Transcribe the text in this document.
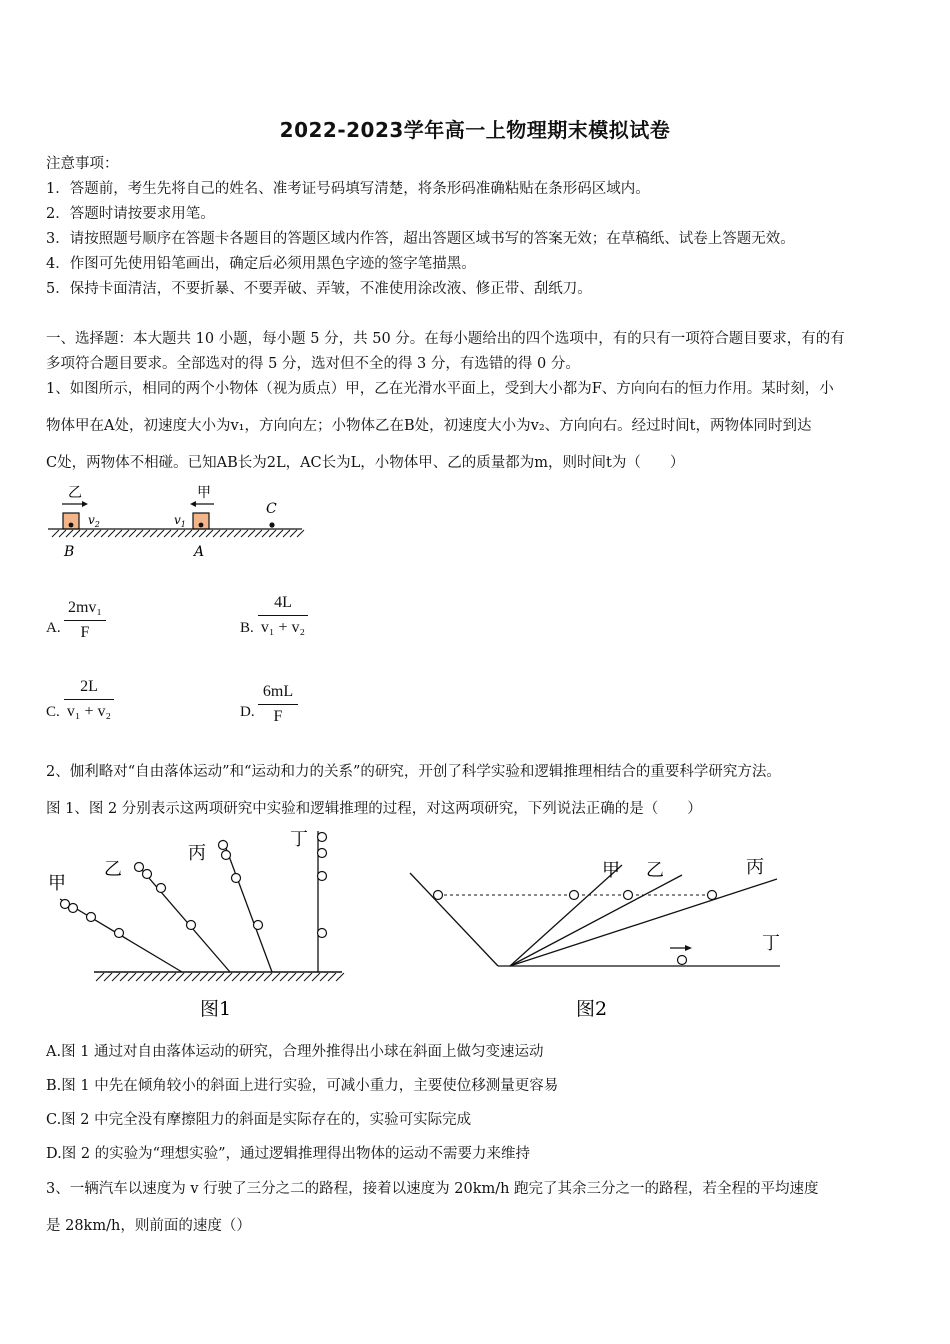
2022-2023学年高一上物理期末模拟试卷
注意事项：
1．答题前，考生先将自己的姓名、准考证号码填写清楚，将条形码准确粘贴在条形码区域内。
2．答题时请按要求用笔。
3．请按照题号顺序在答题卡各题目的答题区域内作答，超出答题区域书写的答案无效；在草稿纸、试卷上答题无效。
4．作图可先使用铅笔画出，确定后必须用黑色字迹的签字笔描黑。
5．保持卡面清洁，不要折暴、不要弄破、弄皱，不准使用涂改液、修正带、刮纸刀。
一、选择题：本大题共 10 小题，每小题 5 分，共 50 分。在每小题给出的四个选项中，有的只有一项符合题目要求，有的有
多项符合题目要求。全部选对的得 5 分，选对但不全的得 3 分，有选错的得 0 分。
1、如图所示，相同的两个小物体（视为质点）甲，乙在光滑水平面上，受到大小都为F、方向向右的恒力作用。某时刻，小
物体甲在A处，初速度大小为v₁，方向向左；小物体乙在B处，初速度大小为v₂、方向向右。经过时间t，两物体同时到达
C处，两物体不相碰。已知AB长为2L，AC长为L，小物体甲、乙的质量都为m，则时间t为（　　）
乙	甲
$v_2$	$v_1$
C
B	A
A.
2mv₁
F	B.
4L
v₁ + v₂
C.
2L
v₁ + v₂	D.
6mL
F
2、伽利略对“自由落体运动”和“运动和力的关系”的研究，开创了科学实验和逻辑推理相结合的重要科学研究方法。
图 1、图 2 分别表示这两项研究中实验和逻辑推理的过程，对这两项研究，下列说法正确的是（　　）
甲
乙
丙
丁
图1
甲 乙	丙
丁
图2
A.图 1 通过对自由落体运动的研究，合理外推得出小球在斜面上做匀变速运动
B.图 1 中先在倾角较小的斜面上进行实验，可减小重力，主要使位移测量更容易
C.图 2 中完全没有摩擦阻力的斜面是实际存在的，实验可实际完成
D.图 2 的实验为“理想实验”，通过逻辑推理得出物体的运动不需要力来维持
3、一辆汽车以速度为 v 行驶了三分之二的路程，接着以速度为 20km/h 跑完了其余三分之一的路程，若全程的平均速度
是 28km/h，则前面的速度（）
